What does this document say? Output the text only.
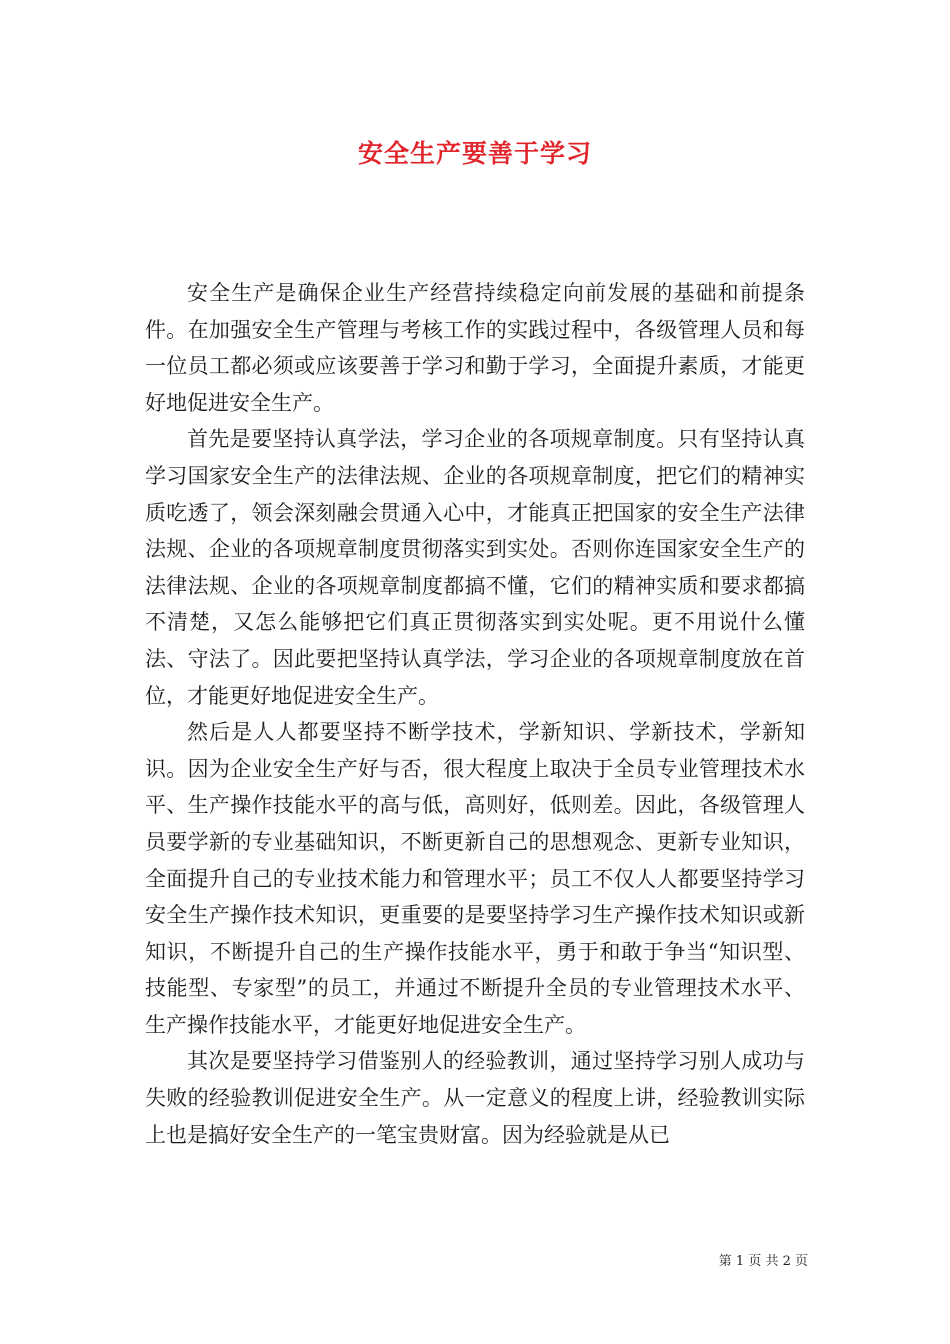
安全生产要善于学习

安全生产是确保企业生产经营持续稳定向前发展的基础和前提条件。在加强安全生产管理与考核工作的实践过程中，各级管理人员和每一位员工都必须或应该要善于学习和勤于学习，全面提升素质，才能更好地促进安全生产。

首先是要坚持认真学法，学习企业的各项规章制度。只有坚持认真学习国家安全生产的法律法规、企业的各项规章制度，把它们的精神实质吃透了，领会深刻融会贯通入心中，才能真正把国家的安全生产法律法规、企业的各项规章制度贯彻落实到实处。否则你连国家安全生产的法律法规、企业的各项规章制度都搞不懂，它们的精神实质和要求都搞不清楚，又怎么能够把它们真正贯彻落实到实处呢。更不用说什么懂法、守法了。因此要把坚持认真学法，学习企业的各项规章制度放在首位，才能更好地促进安全生产。

然后是人人都要坚持不断学技术，学新知识、学新技术，学新知识。因为企业安全生产好与否，很大程度上取决于全员专业管理技术水平、生产操作技能水平的高与低，高则好，低则差。因此，各级管理人员要学新的专业基础知识，不断更新自己的思想观念、更新专业知识，全面提升自己的专业技术能力和管理水平；员工不仅人人都要坚持学习安全生产操作技术知识，更重要的是要坚持学习生产操作技术知识或新知识，不断提升自己的生产操作技能水平，勇于和敢于争当“知识型、技能型、专家型”的员工，并通过不断提升全员的专业管理技术水平、生产操作技能水平，才能更好地促进安全生产。

其次是要坚持学习借鉴别人的经验教训，通过坚持学习别人成功与失败的经验教训促进安全生产。从一定意义的程度上讲，经验教训实际上也是搞好安全生产的一笔宝贵财富。因为经验就是从已

第 1 页 共 2 页
